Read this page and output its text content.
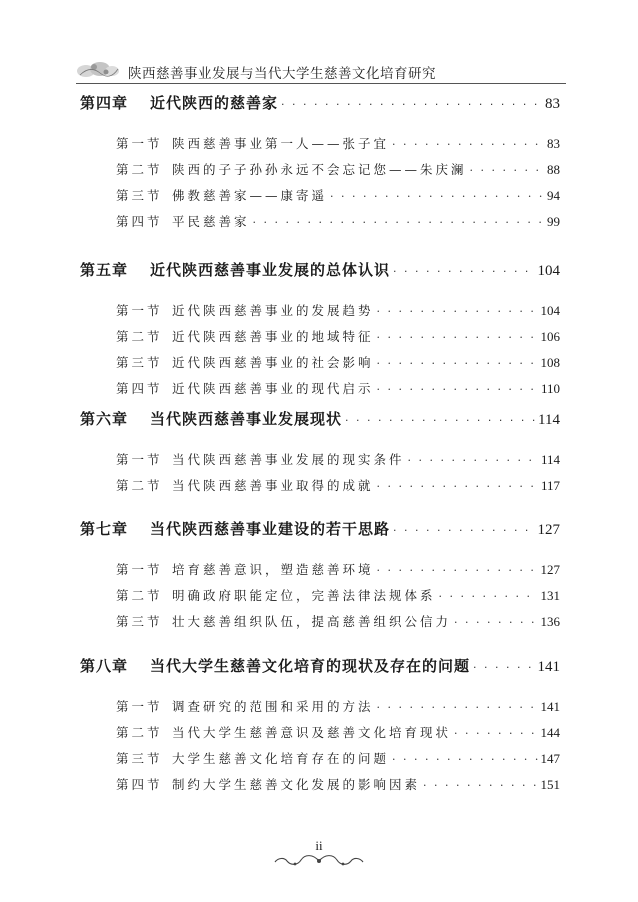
陕西慈善事业发展与当代大学生慈善文化培育研究
第四章	近代陕西的慈善家 · · ·	83
第一节 陕西慈善事业第一人——张子宜 · · ·	83
第二节 陕西的子子孙孙永远不会忘记您——朱庆澜 · · ·	88
第三节 佛教慈善家——康寄遥 · · ·	94
第四节 平民慈善家 · · ·	99
第五章	近代陕西慈善事业发展的总体认识 · · ·	104
第一节 近代陕西慈善事业的发展趋势 · · ·	104
第二节 近代陕西慈善事业的地域特征 · · ·	106
第三节 近代陕西慈善事业的社会影响 · · ·	108
第四节 近代陕西慈善事业的现代启示 · · ·	110
第六章	当代陕西慈善事业发展现状 · · ·	114
第一节 当代陕西慈善事业发展的现实条件 · · ·	114
第二节 当代陕西慈善事业取得的成就 · · ·	117
第七章	当代陕西慈善事业建设的若干思路 · · ·	127
第一节 培育慈善意识，塑造慈善环境 · · ·	127
第二节 明确政府职能定位，完善法律法规体系 · · ·	131
第三节 壮大慈善组织队伍，提高慈善组织公信力 · · ·	136
第八章	当代大学生慈善文化培育的现状及存在的问题 · · ·	141
第一节 调查研究的范围和采用的方法 · · ·	141
第二节 当代大学生慈善意识及慈善文化培育现状 · · ·	144
第三节 大学生慈善文化培育存在的问题 · · ·	147
第四节 制约大学生慈善文化发展的影响因素 · · ·	151
ii
